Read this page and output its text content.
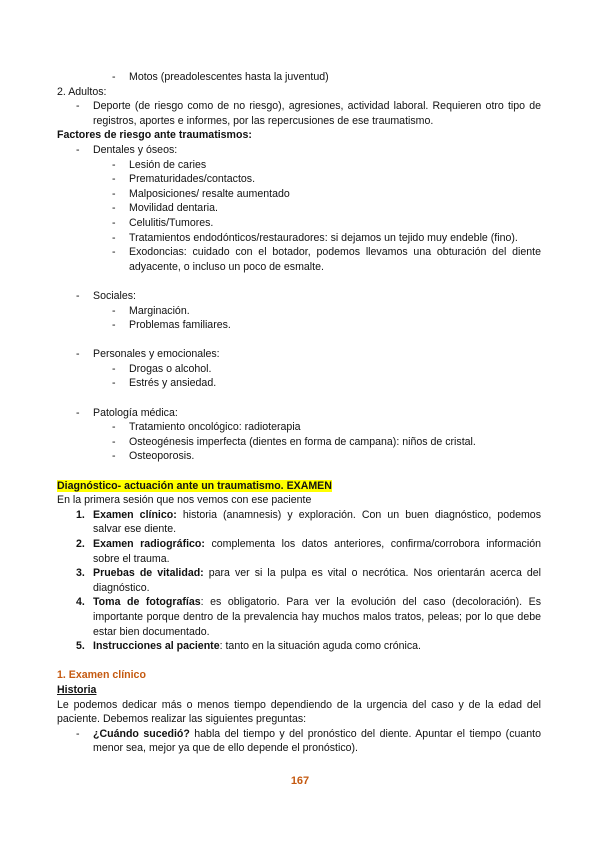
- Motos (preadolescentes hasta la juventud)
2. Adultos:
- Deporte (de riesgo como de no riesgo), agresiones, actividad laboral. Requieren otro tipo de registros, aportes e informes, por las repercusiones de ese traumatismo.
Factores de riesgo ante traumatismos:
- Dentales y óseos:
- Lesión de caries
- Prematuridades/contactos.
- Malposiciones/ resalte aumentado
- Movilidad dentaria.
- Celulitis/Tumores.
- Tratamientos endodónticos/restauradores: si dejamos un tejido muy endeble (fino).
- Exodoncias: cuidado con el botador, podemos llevamos una obturación del diente adyacente, o incluso un poco de esmalte.
- Sociales:
- Marginación.
- Problemas familiares.
- Personales y emocionales:
- Drogas o alcohol.
- Estrés y ansiedad.
- Patología médica:
- Tratamiento oncológico: radioterapia
- Osteogénesis imperfecta (dientes en forma de campana): niños de cristal.
- Osteoporosis.
Diagnóstico- actuación ante un traumatismo. EXAMEN
En la primera sesión que nos vemos con ese paciente
1. Examen clínico: historia (anamnesis) y exploración. Con un buen diagnóstico, podemos salvar ese diente.
2. Examen radiográfico: complementa los datos anteriores, confirma/corrobora información sobre el trauma.
3. Pruebas de vitalidad: para ver si la pulpa es vital o necrótica. Nos orientarán acerca del diagnóstico.
4. Toma de fotografías: es obligatorio. Para ver la evolución del caso (decoloración). Es importante porque dentro de la prevalencia hay muchos malos tratos, peleas; por lo que debe estar bien documentado.
5. Instrucciones al paciente: tanto en la situación aguda como crónica.
1. Examen clínico
Historia
Le podemos dedicar más o menos tiempo dependiendo de la urgencia del caso y de la edad del paciente. Debemos realizar las siguientes preguntas:
- ¿Cuándo sucedió? habla del tiempo y del pronóstico del diente. Apuntar el tiempo (cuanto menor sea, mejor ya que de ello depende el pronóstico).
167
